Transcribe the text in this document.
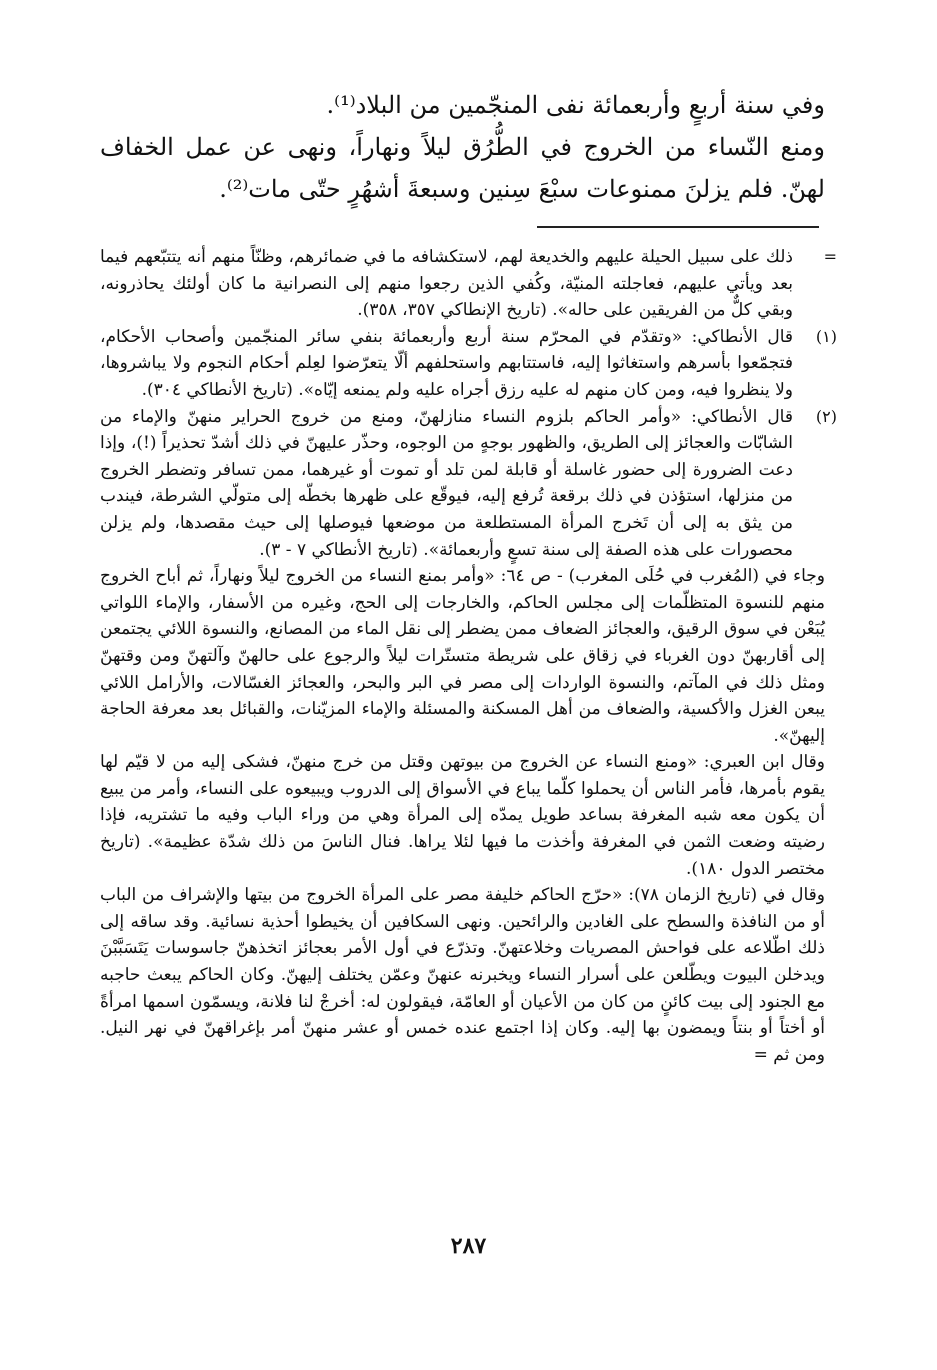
وفي سنة أربعٍ وأربعمائة نفى المنجّمين من البلاد⁽¹⁾.

ومنع النّساء من الخروج في الطُّرُق ليلاً ونهاراً، ونهى عن عمل الخفاف لهنّ. فلم يزلنَ ممنوعات سبْعَ سِنين وسبعةَ أشهُرٍ حتّى مات⁽²⁾.

=

ذلك على سبيل الحيلة عليهم والخديعة لهم، لاستكشافه ما في ضمائرهم، وظنّاً منهم أنه يتتبّعهم فيما بعد ويأتي عليهم، فعاجلته المنيّة، وكُفي الذين رجعوا منهم إلى النصرانية ما كان أولئك يحاذرونه، وبقي كلٌّ من الفريقين على حاله». (تاريخ الإنطاكي ٣٥٧، ٣٥٨).

(١)

قال الأنطاكي: «وتقدّم في المحرّم سنة أربع وأربعمائة بنفي سائر المنجّمين وأصحاب الأحكام، فتجمّعوا بأسرهم واستغاثوا إليه، فاستتابهم واستحلفهم ألّا يتعرّضوا لعِلم أحكام النجوم ولا يباشروها، ولا ينظروا فيه، ومن كان منهم له عليه رزق أجراه عليه ولم يمنعه إيّاه». (تاريخ الأنطاكي ٣٠٤).

(٢)

قال الأنطاكي: «وأمر الحاكم بلزوم النساء منازلهنّ، ومنع من خروج الحراير منهنّ والإماء من الشابّات والعجائز إلى الطريق، والظهور بوجهٍ من الوجوه، وحذّر عليهنّ في ذلك أشدّ تحذيراً (!)، وإذا دعت الضرورة إلى حضور غاسلة أو قابلة لمن تلد أو تموت أو غيرهما، ممن تسافر وتضطر الخروج من منزلها، استؤذن في ذلك برقعة تُرفع إليه، فيوقّع على ظهرها بخطّه إلى متولّي الشرطة، فيندب من يثق به إلى أن تَخرج المرأة المستطلعة من موضعها فيوصلها إلى حيث مقصدها، ولم يزلن محصورات على هذه الصفة إلى سنة تسعٍ وأربعمائة». (تاريخ الأنطاكي ٧ - ٣).

وجاء في (المُغرب في حُلَى المغرب) - ص ٦٤: «وأمر بمنع النساء من الخروج ليلاً ونهاراً، ثم أباح الخروج منهم للنسوة المتظلّمات إلى مجلس الحاكم، والخارجات إلى الحج، وغيره من الأسفار، والإماء اللواتي يُبَعْن في سوق الرقيق، والعجائز الضعاف ممن يضطر إلى نقل الماء من المصانع، والنسوة اللائي يجتمعن إلى أقاربهنّ دون الغرباء في زقاق على شريطة متستّرات ليلاً والرجوع على حالهنّ وآلتهنّ ومن وقتهنّ ومثل ذلك في المآتم، والنسوة الواردات إلى مصر في البر والبحر، والعجائز الغسّالات، والأرامل اللائي يبعن الغزل والأكسية، والضعاف من أهل المسكنة والمسئلة والإماء المزيّنات، والقبائل بعد معرفة الحاجة إليهنّ».

وقال ابن العبري: «ومنع النساء عن الخروج من بيوتهن وقتل من خرج منهنّ، فشكى إليه من لا قيّم لها يقوم بأمرها، فأمر الناس أن يحملوا كلّما يباع في الأسواق إلى الدروب ويبيعوه على النساء، وأمر من يبيع أن يكون معه شبه المغرفة بساعد طويل يمدّه إلى المرأة وهي من وراء الباب وفيه ما تشتريه، فإذا رضيته وضعت الثمن في المغرفة وأخذت ما فيها لئلا يراها. فنال الناسَ من ذلك شدّة عظيمة». (تاريخ مختصر الدول ١٨٠).

وقال في (تاريخ الزمان ٧٨): «حرّج الحاكم خليفة مصر على المرأة الخروج من بيتها والإشراف من الباب أو من النافذة والسطح على الغادين والرائحين. ونهى السكافين أن يخيطوا أحذية نسائية. وقد ساقه إلى ذلك اطّلاعه على فواحش المصريات وخلاعتهنّ. وتذرّع في أول الأمر بعجائز اتخذهنّ جاسوسات يَتَسَبَّبْنَ ويدخلن البيوت ويطّلعن على أسرار النساء ويخبرنه عنهنّ وعمّن يختلف إليهنّ. وكان الحاكم يبعث حاجبه مع الجنود إلى بيت كائنٍ من كان من الأعيان أو العامّة، فيقولون له: أخرجْ لنا فلانة، ويسمّون اسمها امرأةً أو أختاً أو بنتاً ويمضون بها إليه. وكان إذا اجتمع عنده خمس أو عشر منهنّ أمر بإغراقهنّ في نهر النيل. ومن ثم =

٢٨٧
